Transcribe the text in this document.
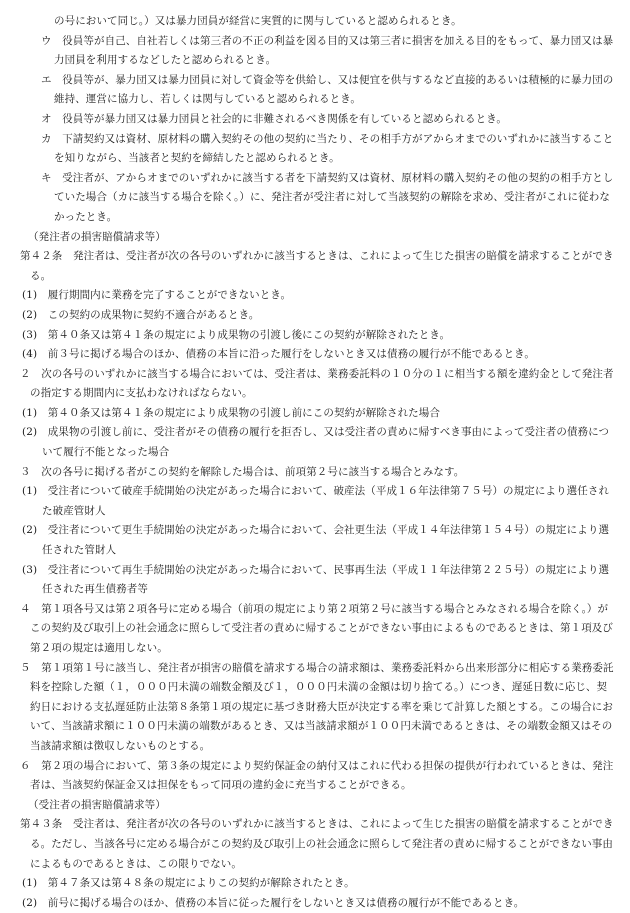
の号において同じ。）又は暴力団員が経営に実質的に関与していると認められるとき。

ウ　役員等が自己、自社若しくは第三者の不正の利益を図る目的又は第三者に損害を加える目的をもって、暴力団又は暴力団員を利用するなどしたと認められるとき。

エ　役員等が、暴力団又は暴力団員に対して資金等を供給し、又は便宜を供与するなど直接的あるいは積極的に暴力団の維持、運営に協力し、若しくは関与していると認められるとき。

オ　役員等が暴力団又は暴力団員と社会的に非難されるべき関係を有していると認められるとき。

カ　下請契約又は資材、原材料の購入契約その他の契約に当たり、その相手方がアからオまでのいずれかに該当することを知りながら、当該者と契約を締結したと認められるとき。

キ　受注者が、アからオまでのいずれかに該当する者を下請契約又は資材、原材料の購入契約その他の契約の相手方としていた場合（カに該当する場合を除く。）に、発注者が受注者に対して当該契約の解除を求め、受注者がこれに従わなかったとき。

（発注者の損害賠償請求等）

第４２条　発注者は、受注者が次の各号のいずれかに該当するときは、これによって生じた損害の賠償を請求することができる。

(1)　履行期間内に業務を完了することができないとき。

(2)　この契約の成果物に契約不適合があるとき。

(3)　第４０条又は第４１条の規定により成果物の引渡し後にこの契約が解除されたとき。

(4)　前３号に掲げる場合のほか、債務の本旨に沿った履行をしないとき又は債務の履行が不能であるとき。

２　次の各号のいずれかに該当する場合においては、受注者は、業務委託料の１０分の１に相当する額を違約金として発注者の指定する期間内に支払わなければならない。

(1)　第４０条又は第４１条の規定により成果物の引渡し前にこの契約が解除された場合

(2)　成果物の引渡し前に、受注者がその債務の履行を拒否し、又は受注者の責めに帰すべき事由によって受注者の債務について履行不能となった場合

３　次の各号に掲げる者がこの契約を解除した場合は、前項第２号に該当する場合とみなす。

(1)　受注者について破産手続開始の決定があった場合において、破産法（平成１６年法律第７５号）の規定により選任された破産管財人

(2)　受注者について更生手続開始の決定があった場合において、会社更生法（平成１４年法律第１５４号）の規定により選任された管財人

(3)　受注者について再生手続開始の決定があった場合において、民事再生法（平成１１年法律第２２５号）の規定により選任された再生債務者等

４　第１項各号又は第２項各号に定める場合（前項の規定により第２項第２号に該当する場合とみなされる場合を除く。）がこの契約及び取引上の社会通念に照らして受注者の責めに帰することができない事由によるものであるときは、第１項及び第２項の規定は適用しない。

５　第１項第１号に該当し、発注者が損害の賠償を請求する場合の請求額は、業務委託料から出来形部分に相応する業務委託料を控除した額（１，０００円未満の端数金額及び１，０００円未満の金額は切り捨てる。）につき、遅延日数に応じ、契約日における支払遅延防止法第８条第１項の規定に基づき財務大臣が決定する率を乗じて計算した額とする。この場合において、当該請求額に１００円未満の端数があるとき、又は当該請求額が１００円未満であるときは、その端数金額又はその当該請求額は徴収しないものとする。

６　第２項の場合において、第３条の規定により契約保証金の納付又はこれに代わる担保の提供が行われているときは、発注者は、当該契約保証金又は担保をもって同項の違約金に充当することができる。

（受注者の損害賠償請求等）

第４３条　受注者は、発注者が次の各号のいずれかに該当するときは、これによって生じた損害の賠償を請求することができる。ただし、当該各号に定める場合がこの契約及び取引上の社会通念に照らして発注者の責めに帰することができない事由によるものであるときは、この限りでない。

(1)　第４７条又は第４８条の規定によりこの契約が解除されたとき。

(2)　前号に掲げる場合のほか、債務の本旨に従った履行をしないとき又は債務の履行が不能であるとき。
